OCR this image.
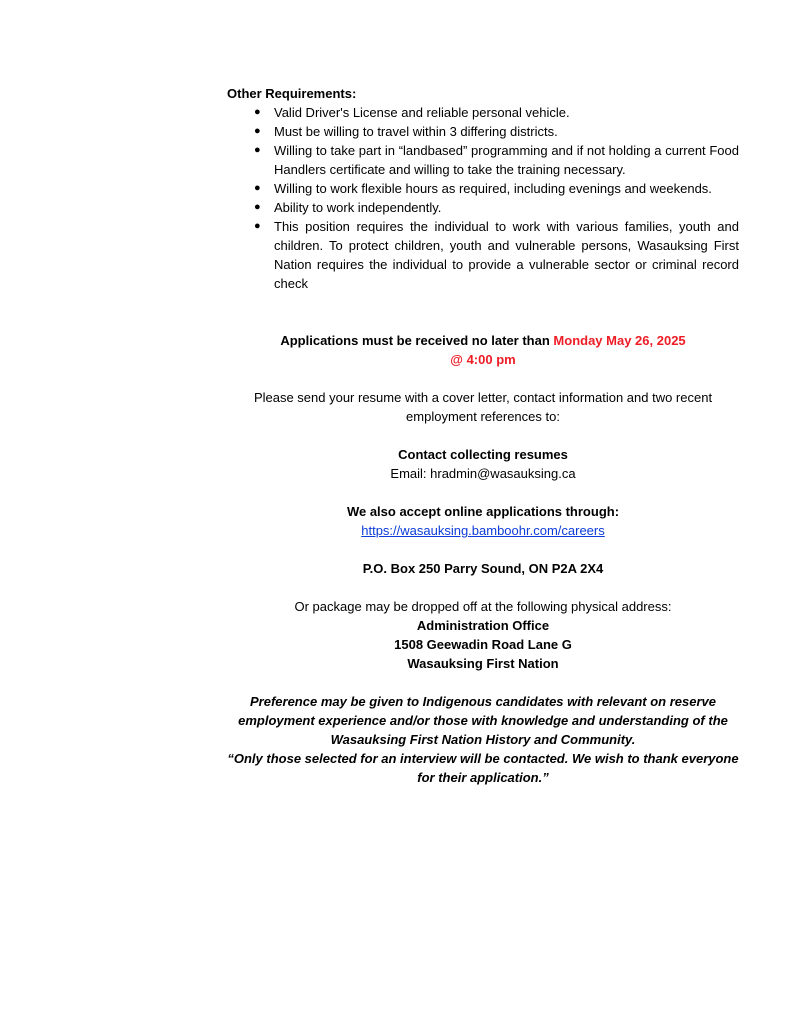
Other Requirements:

● Valid Driver's License and reliable personal vehicle.
● Must be willing to travel within 3 differing districts.
● Willing to take part in “landbased” programming and if not holding a current Food Handlers certificate and willing to take the training necessary.
● Willing to work flexible hours as required, including evenings and weekends.
● Ability to work independently.
● This position requires the individual to work with various families, youth and children. To protect children, youth and vulnerable persons, Wasauksing First Nation requires the individual to provide a vulnerable sector or criminal record check

Applications must be received no later than Monday May 26, 2025

@ 4:00 pm

Please send your resume with a cover letter, contact information and two recent employment references to:

Contact collecting resumes

Email: hradmin@wasauksing.ca

We also accept online applications through:

https://wasauksing.bamboohr.com/careers

P.O. Box 250 Parry Sound, ON P2A 2X4

Or package may be dropped off at the following physical address:

Administration Office

1508 Geewadin Road Lane G

Wasauksing First Nation

Preference may be given to Indigenous candidates with relevant on reserve employment experience and/or those with knowledge and understanding of the Wasauksing First Nation History and Community.

“Only those selected for an interview will be contacted. We wish to thank everyone for their application.”
